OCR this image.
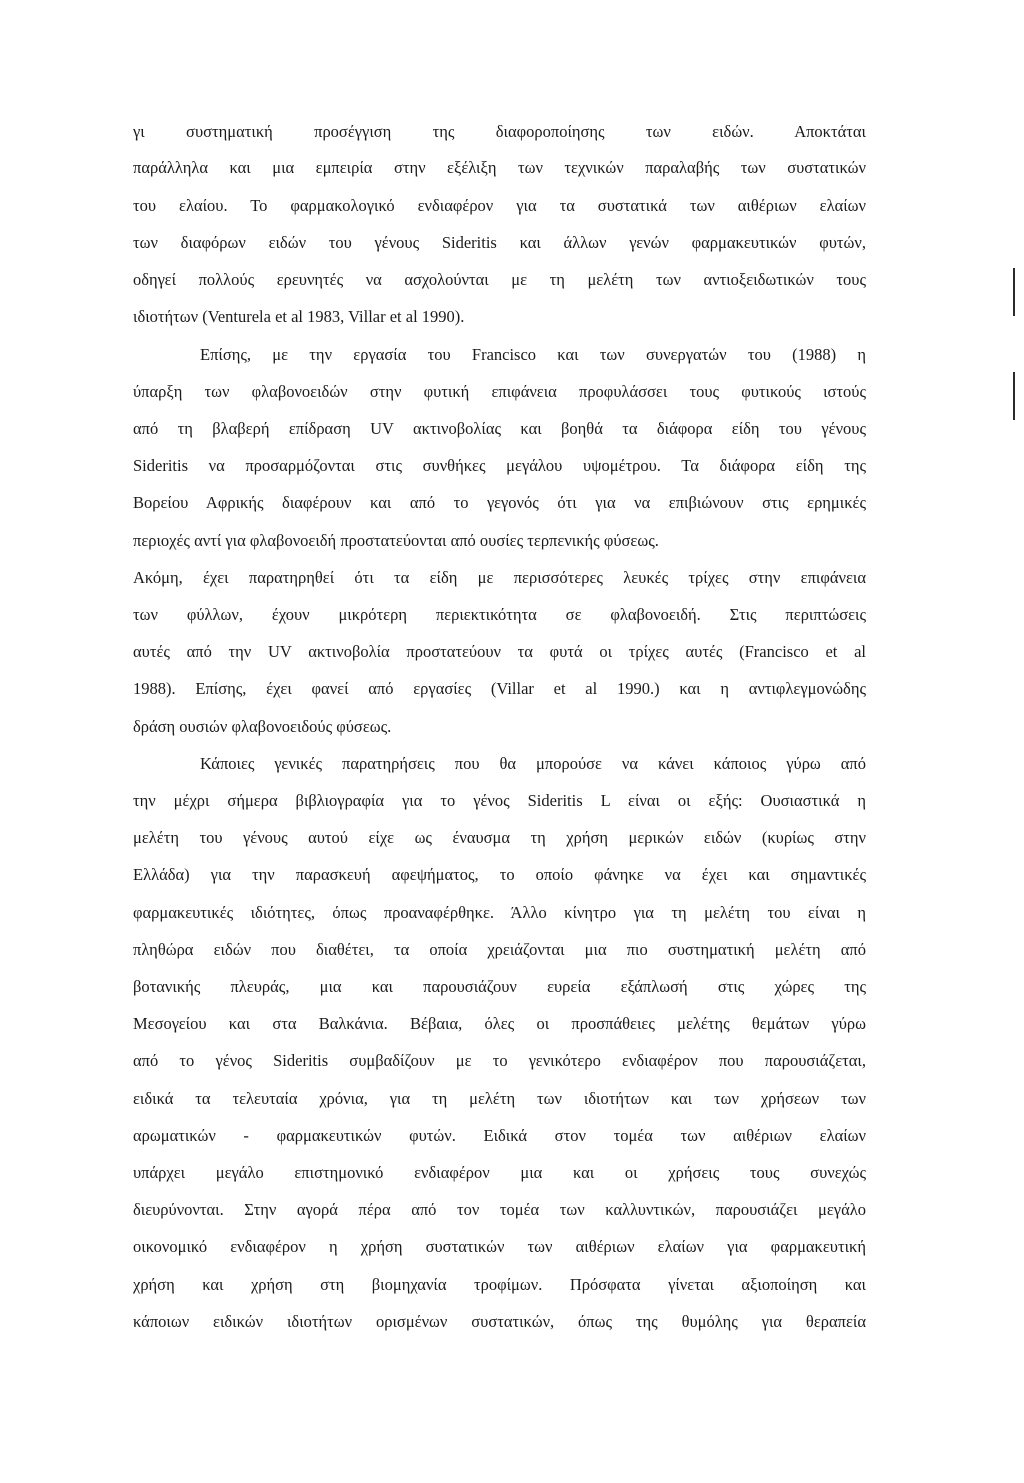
γι συστηματική προσέγγιση της διαφοροποίησης των ειδών. Αποκτάται
παράλληλα και μια εμπειρία στην εξέλιξη των τεχνικών παραλαβής των συστατικών
του ελαίου. Το φαρμακολογικό ενδιαφέρον για τα συστατικά των αιθέριων ελαίων
των διαφόρων ειδών του γένους Sideritis και άλλων γενών φαρμακευτικών φυτών,
οδηγεί πολλούς ερευνητές να ασχολούνται με τη μελέτη των αντιοξειδωτικών τους
ιδιοτήτων (Venturela et al 1983, Villar et al 1990).
Επίσης, με την εργασία του Francisco και των συνεργατών του (1988) η
ύπαρξη των φλαβονοειδών στην φυτική επιφάνεια προφυλάσσει τους φυτικούς ιστούς
από τη βλαβερή επίδραση UV ακτινοβολίας και βοηθά τα διάφορα είδη του γένους
Sideritis να προσαρμόζονται στις συνθήκες μεγάλου υψομέτρου. Τα διάφορα είδη της
Βορείου Αφρικής διαφέρουν και από το γεγονός ότι για να επιβιώνουν στις ερημικές
περιοχές αντί για φλαβονοειδή προστατεύονται από ουσίες τερπενικής φύσεως.
Ακόμη, έχει παρατηρηθεί ότι τα είδη με περισσότερες λευκές τρίχες στην επιφάνεια
των φύλλων, έχουν μικρότερη περιεκτικότητα σε φλαβονοειδή. Στις περιπτώσεις
αυτές από την UV ακτινοβολία προστατεύουν τα φυτά οι τρίχες αυτές (Francisco et al
1988). Επίσης, έχει φανεί από εργασίες (Villar et al 1990.) και η αντιφλεγμονώδης
δράση ουσιών φλαβονοειδούς φύσεως.
Κάποιες γενικές παρατηρήσεις που θα μπορούσε να κάνει κάποιος γύρω από
την μέχρι σήμερα βιβλιογραφία για το γένος Sideritis L είναι οι εξής: Ουσιαστικά η
μελέτη του γένους αυτού είχε ως έναυσμα τη χρήση μερικών ειδών (κυρίως στην
Ελλάδα) για την παρασκευή αφεψήματος, το οποίο φάνηκε να έχει και σημαντικές
φαρμακευτικές ιδιότητες, όπως προαναφέρθηκε. Άλλο κίνητρο για τη μελέτη του είναι η
πληθώρα ειδών που διαθέτει, τα οποία χρειάζονται μια πιο συστηματική μελέτη από
βοτανικής πλευράς, μια και παρουσιάζουν ευρεία εξάπλωσή στις χώρες της
Μεσογείου και στα Βαλκάνια. Βέβαια, όλες οι προσπάθειες μελέτης θεμάτων γύρω
από το γένος Sideritis συμβαδίζουν με το γενικότερο ενδιαφέρον που παρουσιάζεται,
ειδικά τα τελευταία χρόνια, για τη μελέτη των ιδιοτήτων και των χρήσεων των
αρωματικών - φαρμακευτικών φυτών. Ειδικά στον τομέα των αιθέριων ελαίων
υπάρχει μεγάλο επιστημονικό ενδιαφέρον μια και οι χρήσεις τους συνεχώς
διευρύνονται. Στην αγορά πέρα από τον τομέα των καλλυντικών, παρουσιάζει μεγάλο
οικονομικό ενδιαφέρον η χρήση συστατικών των αιθέριων ελαίων για φαρμακευτική
χρήση και χρήση στη βιομηχανία τροφίμων. Πρόσφατα γίνεται αξιοποίηση και
κάποιων ειδικών ιδιοτήτων ορισμένων συστατικών, όπως της θυμόλης για θεραπεία
